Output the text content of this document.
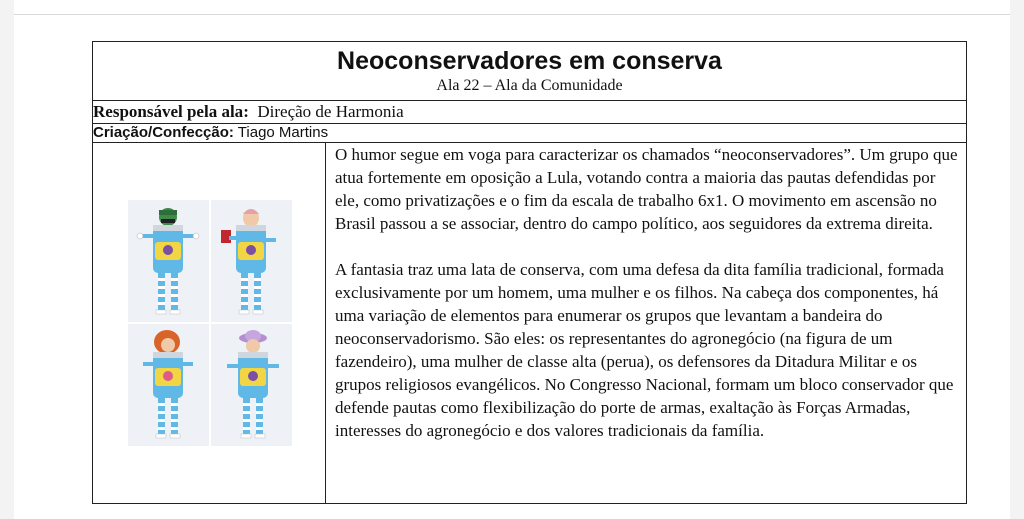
Neoconservadores em conserva
Ala 22 – Ala da Comunidade

Responsável pela ala: Direção de Harmonia
Criação/Confecção: Tiago Martins

O humor segue em voga para caracterizar os chamados “neoconservadores”. Um grupo que atua fortemente em oposição a Lula, votando contra a maioria das pautas defendidas por ele, como privatizações e o fim da escala de trabalho 6x1. O movimento em ascensão no Brasil passou a se associar, dentro do campo político, aos seguidores da extrema direita.

A fantasia traz uma lata de conserva, com uma defesa da dita família tradicional, formada exclusivamente por um homem, uma mulher e os filhos. Na cabeça dos componentes, há uma variação de elementos para enumerar os grupos que levantam a bandeira do neoconservadorismo. São eles: os representantes do agronegócio (na figura de um fazendeiro), uma mulher de classe alta (perua), os defensores da Ditadura Militar e os grupos religiosos evangélicos. No Congresso Nacional, formam um bloco conservador que defende pautas como flexibilização do porte de armas, exaltação às Forças Armadas, interesses do agronegócio e dos valores tradicionais da família.
